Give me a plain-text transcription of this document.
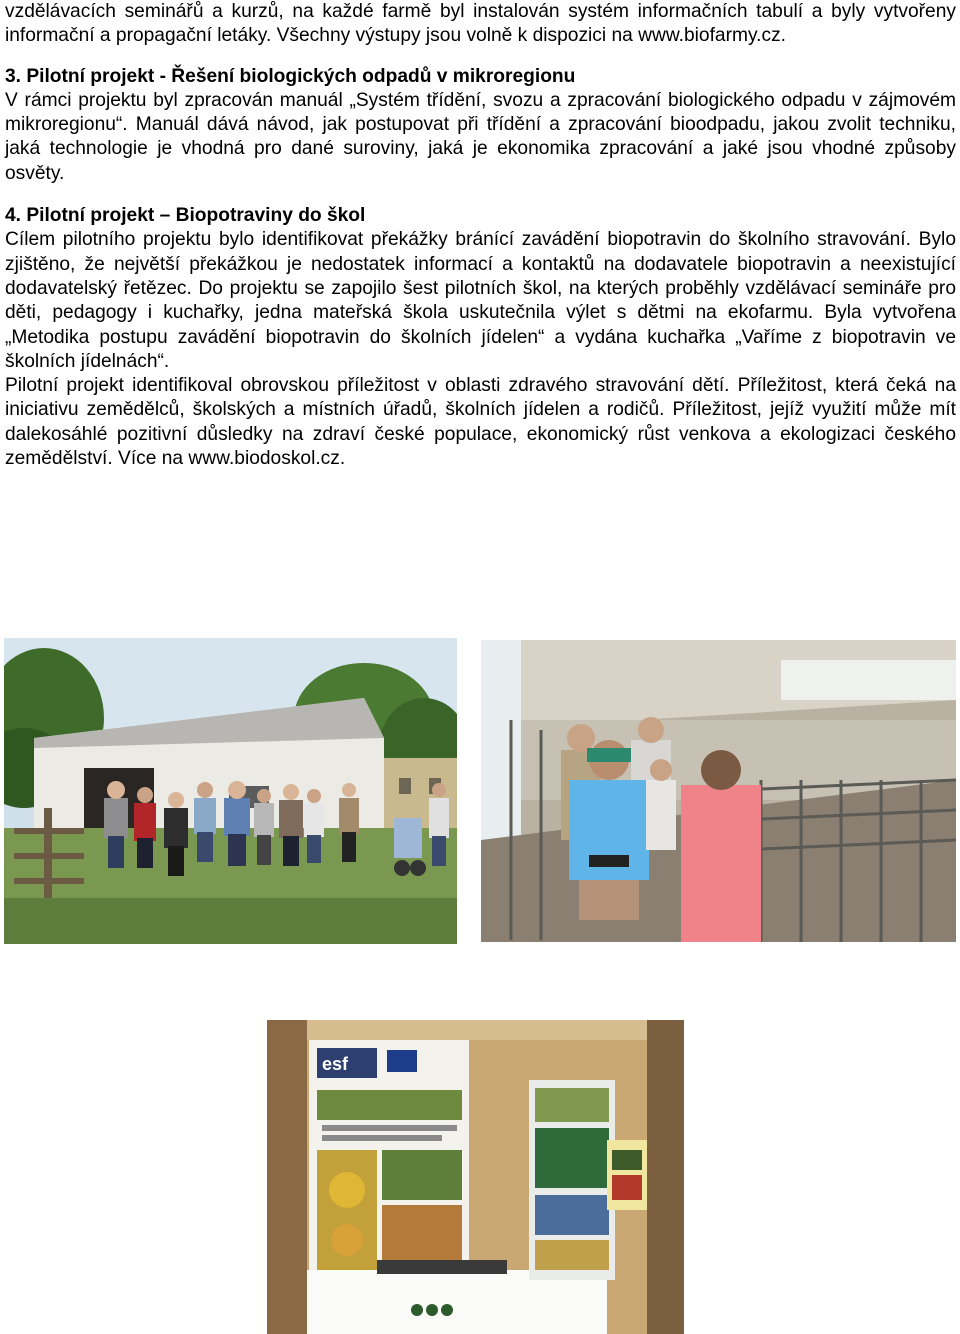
vzdělávacích seminářů a kurzů, na každé farmě byl instalován systém informačních tabulí a byly vytvořeny informační a propagační letáky. Všechny výstupy jsou volně k dispozici na www.biofarmy.cz.

3. Pilotní projekt - Řešení biologických odpadů v mikroregionu

V rámci projektu byl zpracován manuál „Systém třídění, svozu a zpracování biologického odpadu v zájmovém mikroregionu“. Manuál dává návod, jak postupovat při třídění a zpracování bioodpadu, jakou zvolit techniku, jaká technologie je vhodná pro dané suroviny, jaká je ekonomika zpracování a jaké jsou vhodné způsoby osvěty.

4. Pilotní projekt – Biopotraviny do škol

Cílem pilotního projektu bylo identifikovat překážky bránící zavádění biopotravin do školního stravování. Bylo zjištěno, že největší překážkou je nedostatek informací a kontaktů na dodavatele biopotravin a neexistující dodavatelský řetězec. Do projektu se zapojilo šest pilotních škol, na kterých proběhly vzdělávací semináře pro děti, pedagogy i kuchařky, jedna mateřská škola uskutečnila výlet s dětmi na ekofarmu. Byla vytvořena „Metodika postupu zavádění biopotravin do školních jídelen“ a vydána kuchařka „Vaříme z biopotravin ve školních jídelnách“.

Pilotní projekt identifikoval obrovskou příležitost v oblasti zdravého stravování dětí. Příležitost, která čeká na iniciativu zemědělců, školských a místních úřadů, školních jídelen a rodičů. Příležitost, jejíž využití může mít dalekosáhlé pozitivní důsledky na zdraví české populace, ekonomický růst venkova a ekologizaci českého zemědělství. Více na www.biodoskol.cz.

esf
